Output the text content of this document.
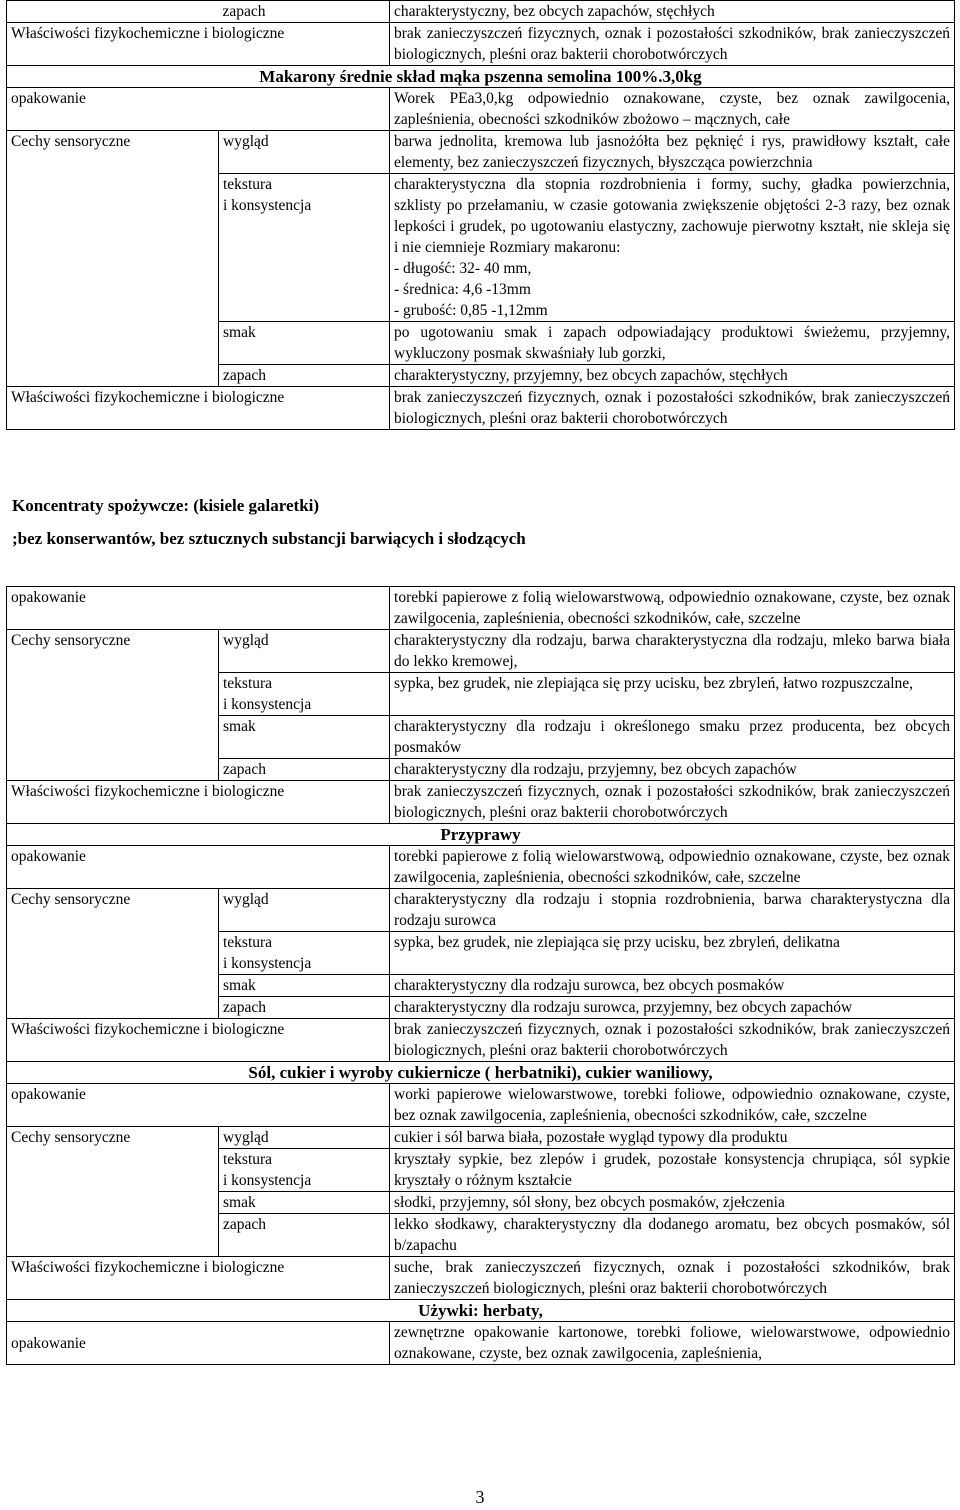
	zapach	charakterystyczny, bez obcych zapachów, stęchłych
Właściwości fizykochemiczne i biologiczne		brak zanieczyszczeń fizycznych, oznak i pozostałości szkodników, brak zanieczyszczeń biologicznych, pleśni oraz bakterii chorobotwórczych
Makarony średnie skład mąka pszenna semolina 100%.3,0kg		
opakowanie		Worek PEa3,0,kg odpowiednio oznakowane, czyste, bez oznak zawilgocenia, zapleśnienia, obecności szkodników zbożowo – mącznych, całe
Cechy sensoryczne	wygląd	barwa jednolita, kremowa lub jasnożółta bez pęknięć i rys, prawidłowy kształt, całe elementy, bez zanieczyszczeń fizycznych, błyszcząca powierzchnia

	tekstura
i konsystencja	charakterystyczna dla stopnia rozdrobnienia i formy, suchy, gładka powierzchnia, szklisty po przełamaniu, w czasie gotowania zwiększenie objętości 2-3 razy, bez oznak lepkości i grudek, po ugotowaniu elastyczny, zachowuje pierwotny kształt, nie skleja się i nie ciemnieje Rozmiary makaronu:
- długość: 32- 40 mm,
- średnica: 4,6 -13mm
- grubość: 0,85 -1,12mm

	smak	po ugotowaniu smak i zapach odpowiadający produktowi świeżemu, przyjemny, wykluczony posmak skwaśniały lub gorzki,
	zapach	charakterystyczny, przyjemny, bez obcych zapachów, stęchłych
Właściwości fizykochemiczne i biologiczne		brak zanieczyszczeń fizycznych, oznak i pozostałości szkodników, brak zanieczyszczeń biologicznych, pleśni oraz bakterii chorobotwórczych
Koncentraty spożywcze: (kisiele galaretki)
;bez konserwantów, bez sztucznych substancji barwiących i słodzących
opakowanie		torebki papierowe z folią wielowarstwową, odpowiednio oznakowane, czyste, bez oznak zawilgocenia, zapleśnienia, obecności szkodników, całe, szczelne
Cechy sensoryczne	wygląd	charakterystyczny dla rodzaju, barwa charakterystyczna dla rodzaju, mleko barwa biała do lekko kremowej,

	tekstura
i konsystencja	sypka, bez grudek, nie zlepiająca się przy ucisku, bez zbryleń, łatwo rozpuszczalne,
	smak	charakterystyczny dla rodzaju i określonego smaku przez producenta, bez obcych posmaków
	zapach	charakterystyczny dla rodzaju, przyjemny, bez obcych zapachów
Właściwości fizykochemiczne i biologiczne		brak zanieczyszczeń fizycznych, oznak i pozostałości szkodników, brak zanieczyszczeń biologicznych, pleśni oraz bakterii chorobotwórczych
Przyprawy		
opakowanie		torebki papierowe z folią wielowarstwową, odpowiednio oznakowane, czyste, bez oznak zawilgocenia, zapleśnienia, obecności szkodników, całe, szczelne
Cechy sensoryczne	wygląd	charakterystyczny dla rodzaju i stopnia rozdrobnienia, barwa charakterystyczna dla rodzaju surowca

	tekstura
i konsystencja	sypka, bez grudek, nie zlepiająca się przy ucisku, bez zbryleń, delikatna
	smak	charakterystyczny dla rodzaju surowca, bez obcych posmaków
	zapach	charakterystyczny dla rodzaju surowca, przyjemny, bez obcych zapachów
Właściwości fizykochemiczne i biologiczne		brak zanieczyszczeń fizycznych, oznak i pozostałości szkodników, brak zanieczyszczeń biologicznych, pleśni oraz bakterii chorobotwórczych
Sól, cukier i wyroby cukiernicze ( herbatniki), cukier waniliowy,		
opakowanie		worki papierowe wielowarstwowe, torebki foliowe, odpowiednio oznakowane, czyste, bez oznak zawilgocenia, zapleśnienia, obecności szkodników, całe, szczelne
Cechy sensoryczne	wygląd	cukier i sól barwa biała, pozostałe wygląd typowy dla produktu

	tekstura
i konsystencja	kryształy sypkie, bez zlepów i grudek, pozostałe konsystencja chrupiąca, sól sypkie kryształy o różnym kształcie
	smak	słodki, przyjemny, sól słony, bez obcych posmaków, zjełczenia
	zapach	lekko słodkawy, charakterystyczny dla dodanego aromatu, bez obcych posmaków, sól b/zapachu
Właściwości fizykochemiczne i biologiczne		suche, brak zanieczyszczeń fizycznych, oznak i pozostałości szkodników, brak zanieczyszczeń biologicznych, pleśni oraz bakterii chorobotwórczych
Używki: herbaty,		
opakowanie		zewnętrzne opakowanie kartonowe, torebki foliowe, wielowarstwowe, odpowiednio oznakowane, czyste, bez oznak zawilgocenia, zapleśnienia,
3
